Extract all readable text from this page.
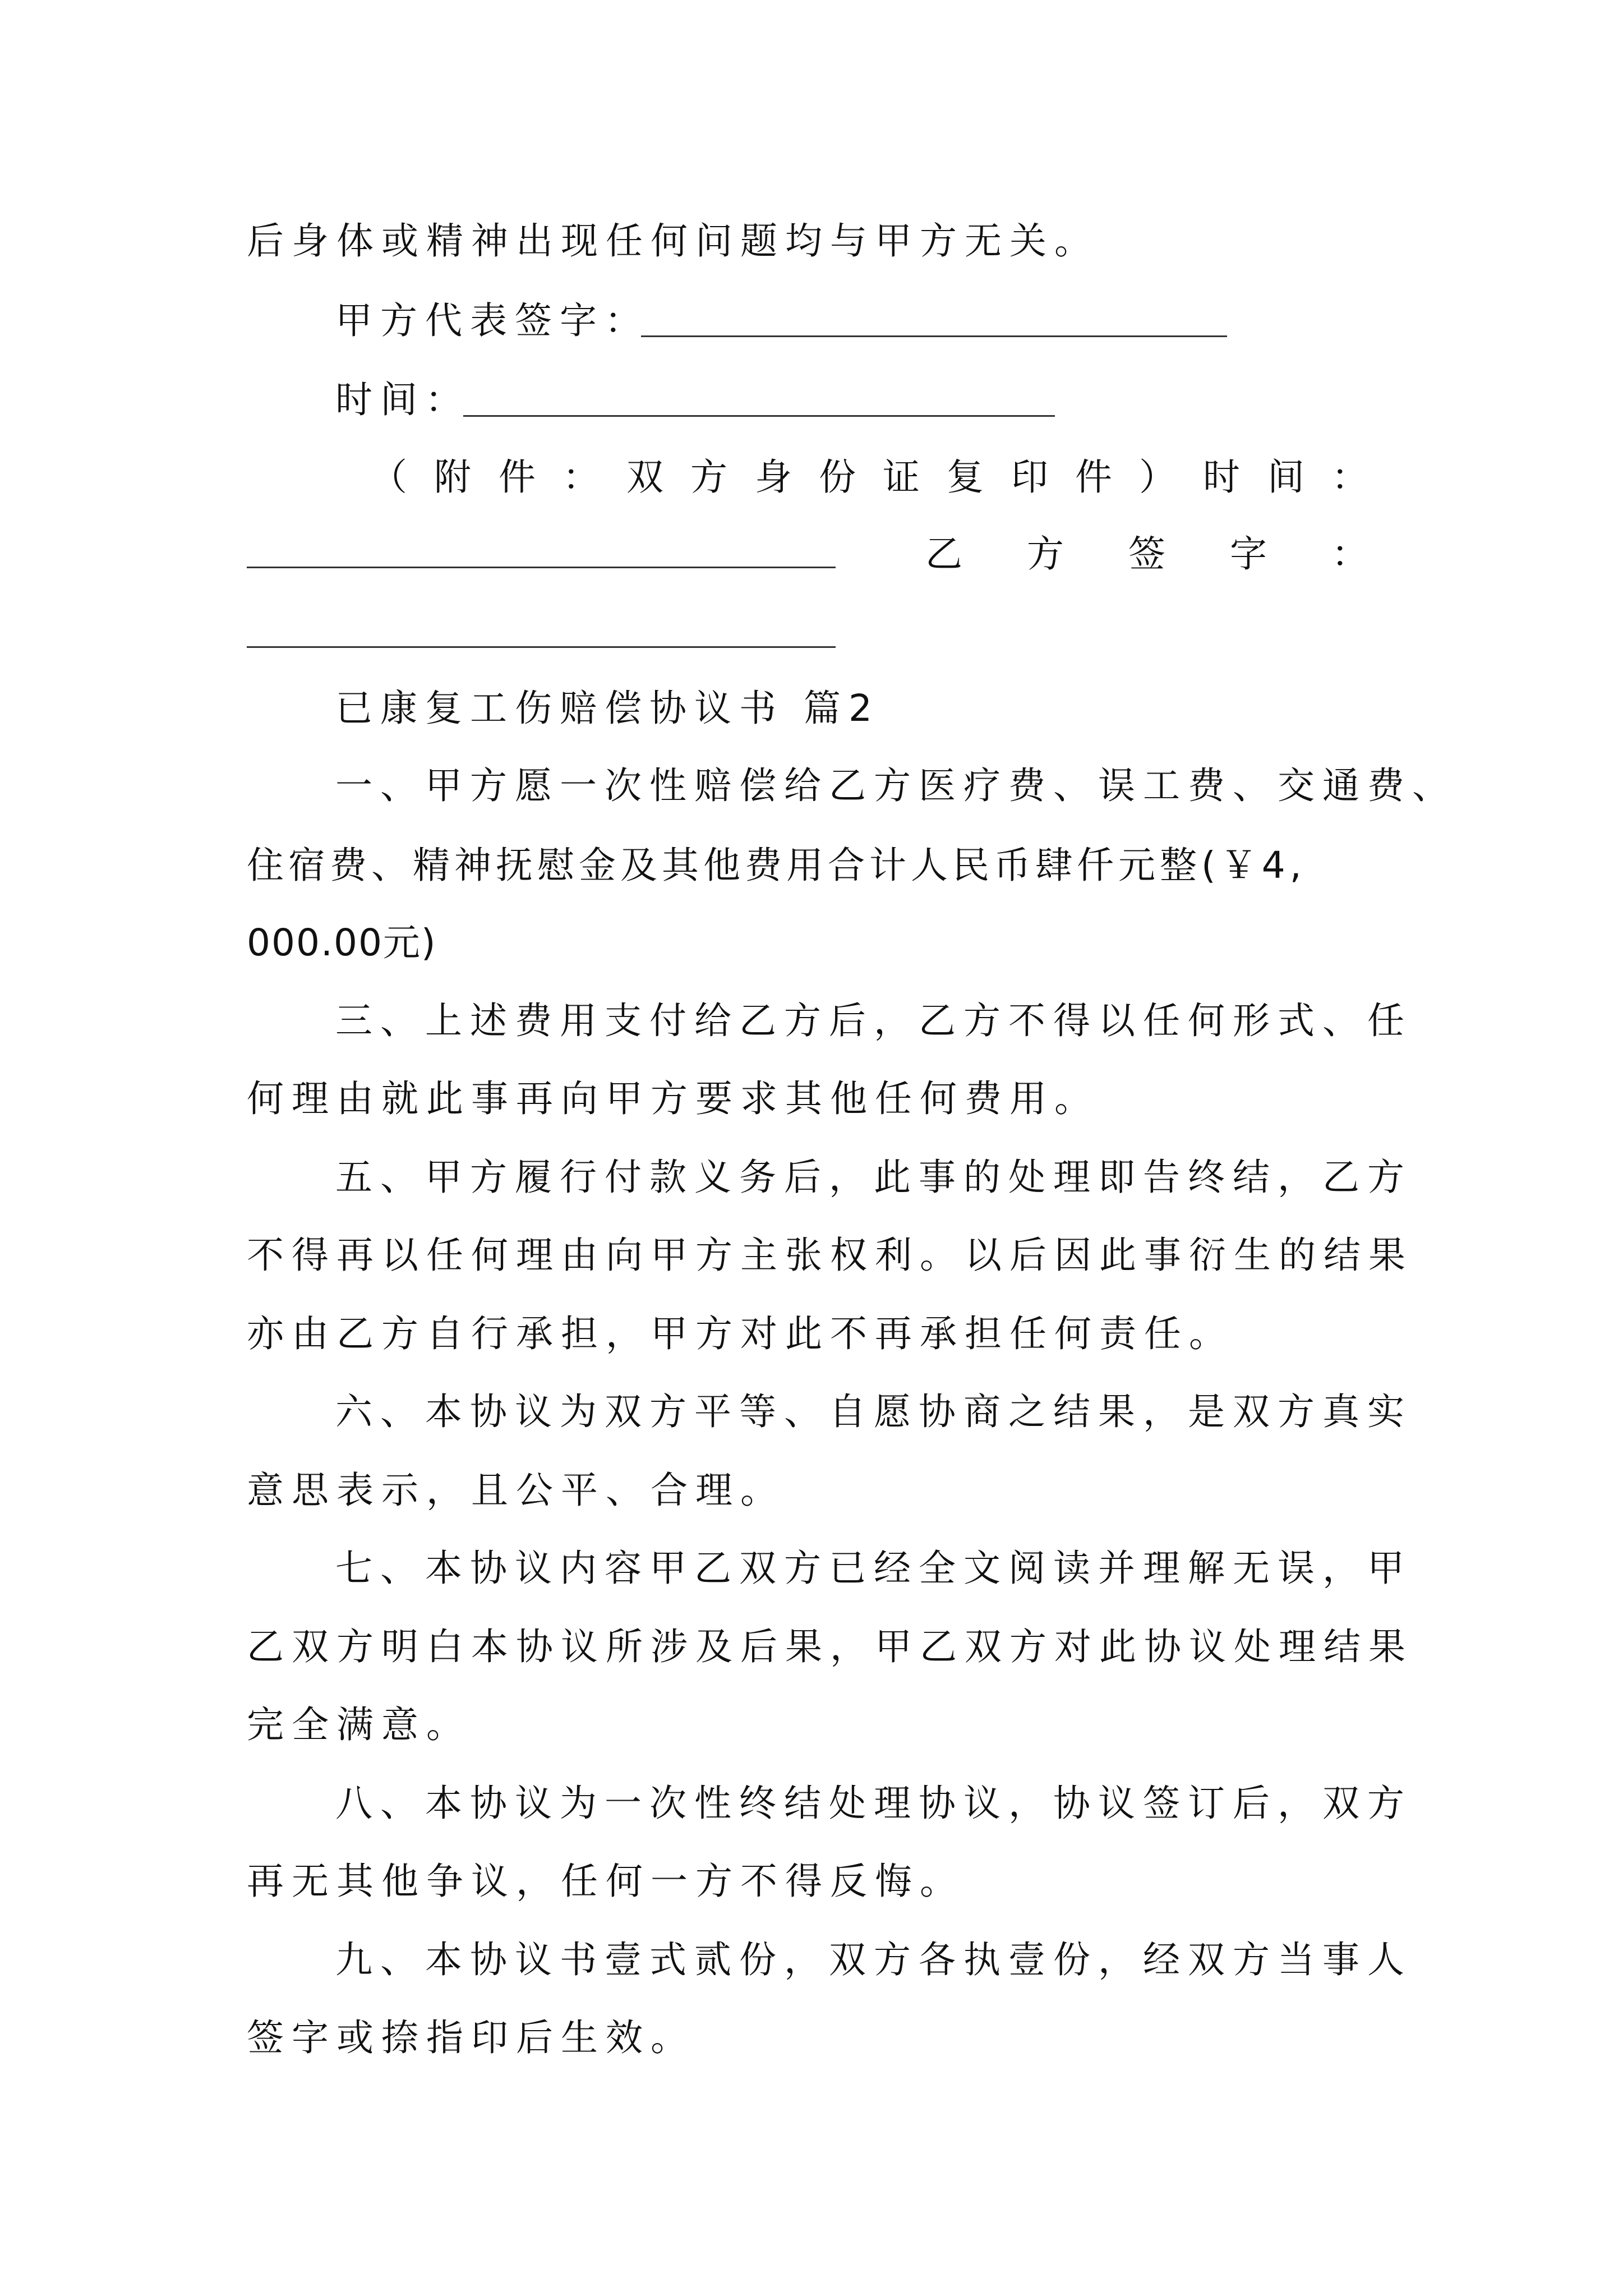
后身体或精神出现任何问题均与甲方无关。
甲方代表签字：
时间：
（ 附 件 ： 双 方 身 份 证 复 印 件 ） 时 间 ：
乙 方 签 字 ：
已康复工伤赔偿协议书 篇2
一、甲方愿一次性赔偿给乙方医疗费、误工费、交通费、
住宿费、精神抚慰金及其他费用合计人民币肆仟元整(￥4,
000.00元)
三、上述费用支付给乙方后，乙方不得以任何形式、任
何理由就此事再向甲方要求其他任何费用。
五、甲方履行付款义务后，此事的处理即告终结，乙方
不得再以任何理由向甲方主张权利。以后因此事衍生的结果
亦由乙方自行承担，甲方对此不再承担任何责任。
六、本协议为双方平等、自愿协商之结果，是双方真实
意思表示，且公平、合理。
七、本协议内容甲乙双方已经全文阅读并理解无误，甲
乙双方明白本协议所涉及后果，甲乙双方对此协议处理结果
完全满意。
八、本协议为一次性终结处理协议，协议签订后，双方
再无其他争议，任何一方不得反悔。
九、本协议书壹式贰份，双方各执壹份，经双方当事人
签字或捺指印后生效。
